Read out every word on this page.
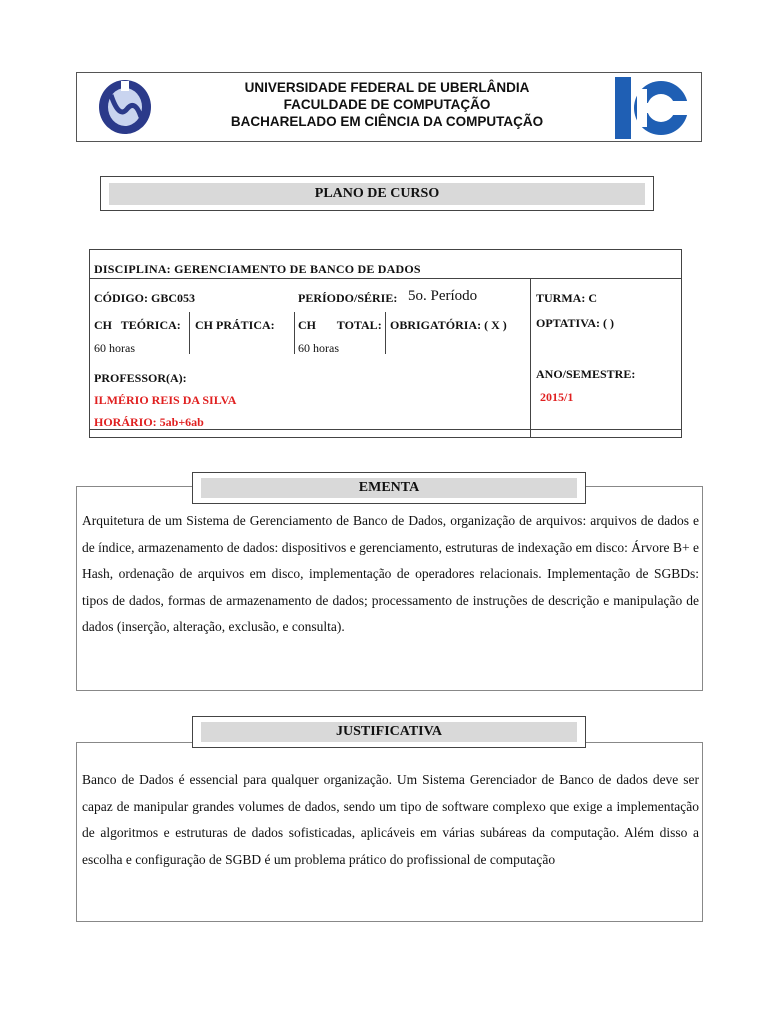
UNIVERSIDADE FEDERAL DE UBERLÂNDIA
FACULDADE DE COMPUTAÇÃO
BACHARELADO EM CIÊNCIA DA COMPUTAÇÃO
PLANO DE CURSO
DISCIPLINA: GERENCIAMENTO DE BANCO DE DADOS
CÓDIGO: GBC053	PERÍODO/SÉRIE: 5o. Período	TURMA: C
CH TEÓRICA:
60 horas
CH PRÁTICA: CH TOTAL:
60 horas
OBRIGATÓRIA: ( X ) OPTATIVA: ( )
PROFESSOR(A):
ILMÉRIO REIS DA SILVA
HORÁRIO: 5ab+6ab
ANO/SEMESTRE:
2015/1
EMENTA
Arquitetura de um Sistema de Gerenciamento de Banco de Dados, organização de arquivos: arquivos de dados e de índice, armazenamento de dados: dispositivos e gerenciamento, estruturas de indexação em disco: Árvore B+ e Hash, ordenação de arquivos em disco, implementação de operadores relacionais. Implementação de SGBDs: tipos de dados, formas de armazenamento de dados; processamento de instruções de descrição e manipulação de dados (inserção, alteração, exclusão, e consulta).
JUSTIFICATIVA
Banco de Dados é essencial para qualquer organização. Um Sistema Gerenciador de Banco de dados deve ser capaz de manipular grandes volumes de dados, sendo um tipo de software complexo que exige a implementação de algoritmos e estruturas de dados sofisticadas, aplicáveis em várias subáreas da computação. Além disso a escolha e configuração de SGBD é um problema prático do profissional de computação
